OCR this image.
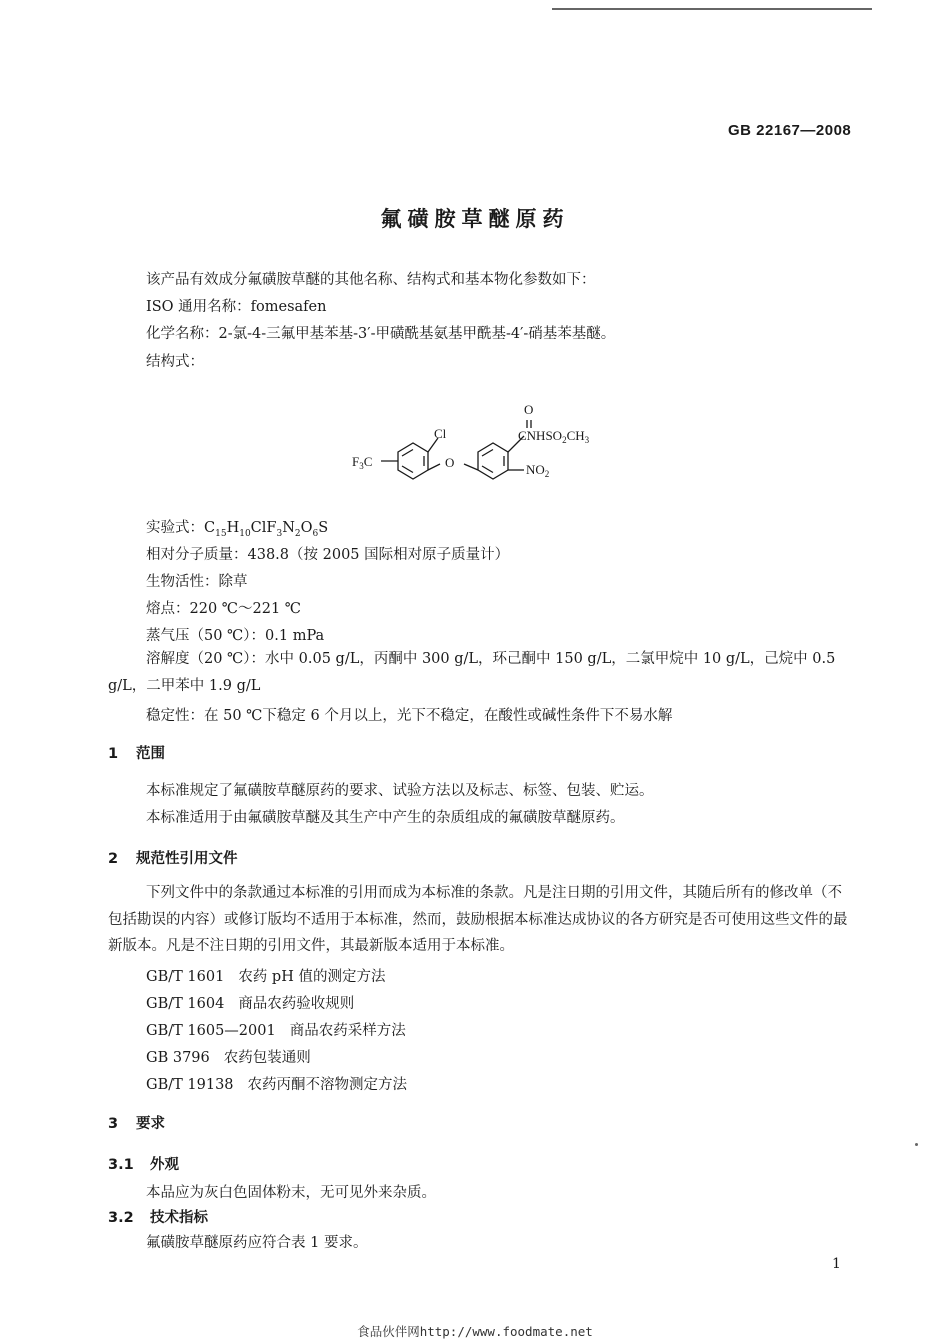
GB 22167—2008
氟磺胺草醚原药
该产品有效成分氟磺胺草醚的其他名称、结构式和基本物化参数如下：
ISO 通用名称：fomesafen
化学名称：2-氯-4-三氟甲基苯基-3′-甲磺酰基氨基甲酰基-4′-硝基苯基醚。
结构式：
O
Cl	$CNHSO_2CH_3$
$F_3C$	O	$NO_2$
实验式：$C_{15}H_{10}ClF_3N_2O_6S$
相对分子质量：438.8（按 2005 国际相对原子质量计）
生物活性：除草
熔点：220 ℃～221 ℃
蒸气压（50 ℃）：0.1 mPa
溶解度（20 ℃）：水中 0.05 g/L，丙酮中 300 g/L，环己酮中 150 g/L，二氯甲烷中 10 g/L，己烷中 0.5 g/L，二甲苯中 1.9 g/L
稳定性：在 50 ℃下稳定 6 个月以上，光下不稳定，在酸性或碱性条件下不易水解
1 范围
本标准规定了氟磺胺草醚原药的要求、试验方法以及标志、标签、包装、贮运。
本标准适用于由氟磺胺草醚及其生产中产生的杂质组成的氟磺胺草醚原药。
2 规范性引用文件
下列文件中的条款通过本标准的引用而成为本标准的条款。凡是注日期的引用文件，其随后所有的修改单（不包括勘误的内容）或修订版均不适用于本标准，然而，鼓励根据本标准达成协议的各方研究是否可使用这些文件的最新版本。凡是不注日期的引用文件，其最新版本适用于本标准。
GB/T 1601 农药 pH 值的测定方法
GB/T 1604 商品农药验收规则
GB/T 1605—2001 商品农药采样方法
GB 3796 农药包装通则
GB/T 19138 农药丙酮不溶物测定方法
3 要求
3.1 外观
本品应为灰白色固体粉末，无可见外来杂质。
3.2 技术指标
氟磺胺草醚原药应符合表 1 要求。
1
食品伙伴网http://www.foodmate.net
